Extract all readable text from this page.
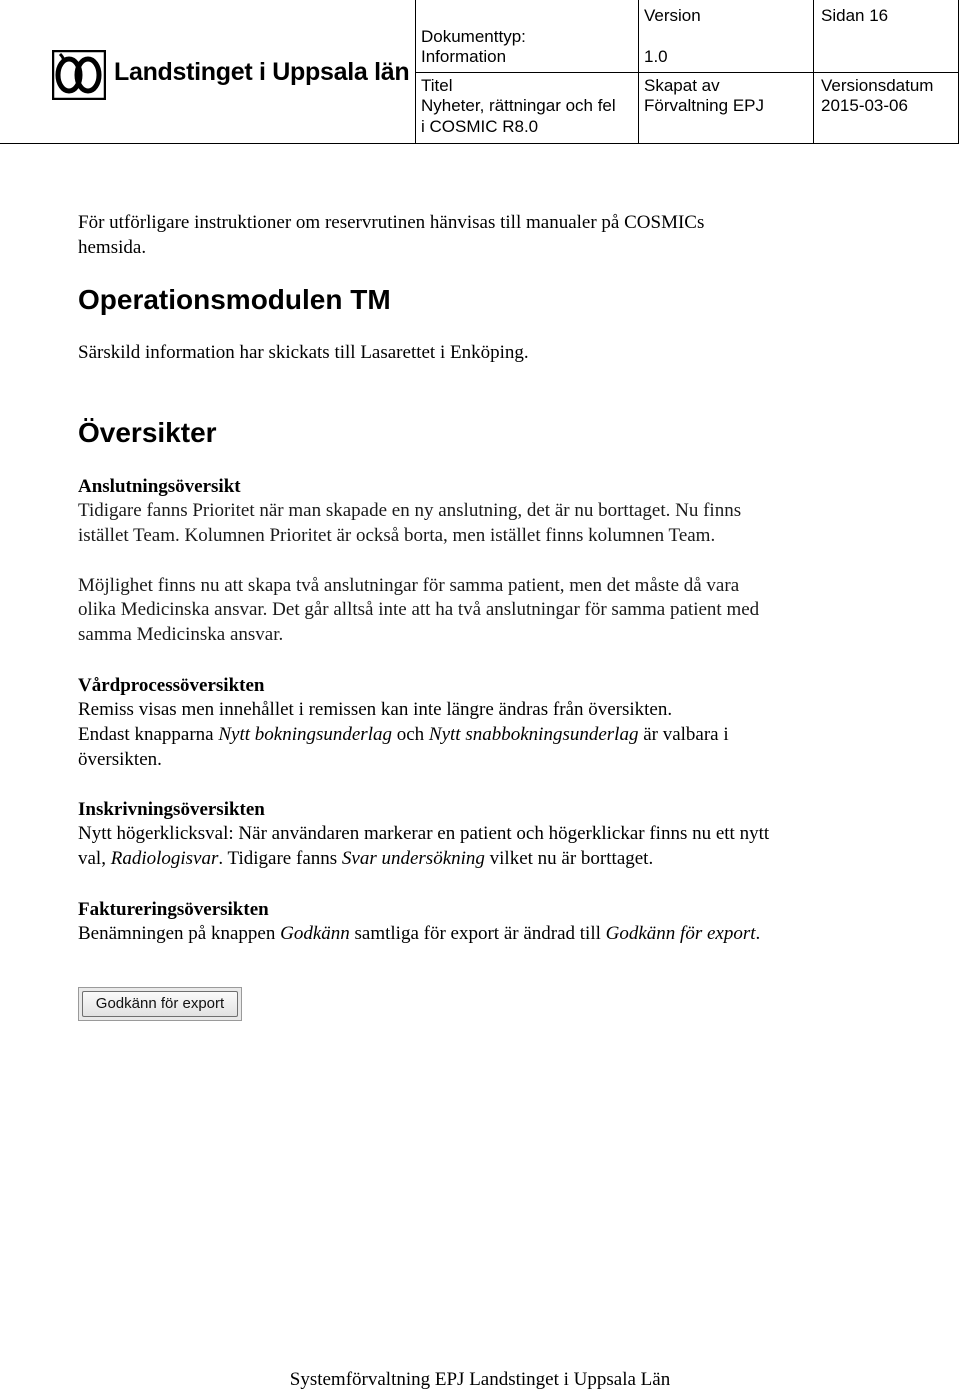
Landstinget i Uppsala län
Dokumenttyp:
Information
Version
1.0
Sidan 16
Titel
Nyheter, rättningar och fel
i COSMIC R8.0
Skapat av
Förvaltning EPJ
Versionsdatum
2015-03-06

För utförligare instruktioner om reservrutinen hänvisas till manualer på COSMICs

hemsida.

Operationsmodulen TM

Särskild information har skickats till Lasarettet i Enköping.

Översikter
Anslutningsöversikt

Tidigare fanns Prioritet när man skapade en ny anslutning, det är nu borttaget. Nu finns

istället Team. Kolumnen Prioritet är också borta, men istället finns kolumnen Team.

Möjlighet finns nu att skapa två anslutningar för samma patient, men det måste då vara

olika Medicinska ansvar. Det går alltså inte att ha två anslutningar för samma patient med

samma Medicinska ansvar.

Vårdprocessöversikten

Remiss visas men innehållet i remissen kan inte längre ändras från översikten.

Endast knapparna Nytt bokningsunderlag och Nytt snabbokningsunderlag är valbara i

översikten.

Inskrivningsöversikten

Nytt högerklicksval: När användaren markerar en patient och högerklickar finns nu ett nytt

val, Radiologisvar. Tidigare fanns Svar undersökning vilket nu är borttaget.

Faktureringsöversikten

Benämningen på knappen Godkänn samtliga för export är ändrad till Godkänn för export.

Godkänn för export
Systemförvaltning EPJ Landstinget i Uppsala Län
